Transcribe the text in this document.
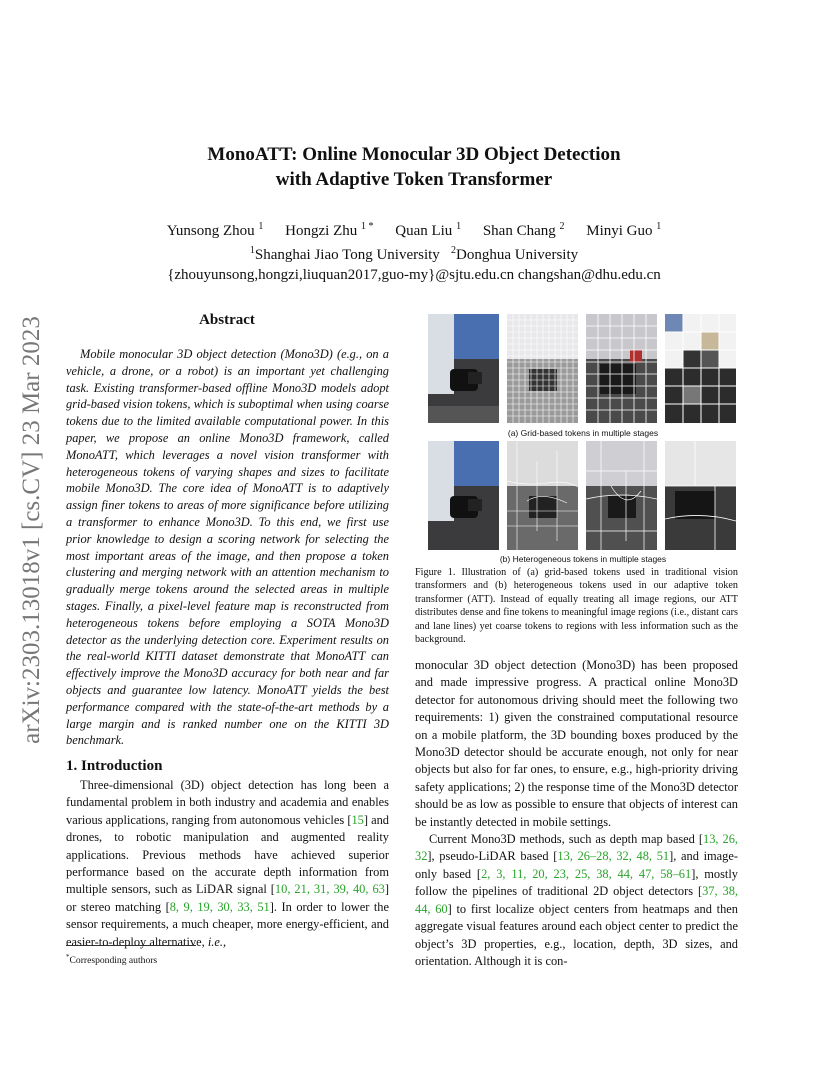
arXiv:2303.13018v1 [cs.CV] 23 Mar 2023
MonoATT: Online Monocular 3D Object Detection
with Adaptive Token Transformer
Yunsong Zhou $^1$ Hongzi Zhu $^{1 *}$ Quan Liu $^1$ Shan Chang $^2$ Minyi Guo $^1$
$^1$Shanghai Jiao Tong University $^2$Donghua University
{zhouyunsong,hongzi,liuquan2017,guo-my}@sjtu.edu.cn changshan@dhu.edu.cn
Abstract

Mobile monocular 3D object detection (Mono3D) (e.g., on a vehicle, a drone, or a robot) is an important yet challenging task. Existing transformer-based offline Mono3D models adopt grid-based vision tokens, which is suboptimal when using coarse tokens due to the limited available computational power. In this paper, we propose an online Mono3D framework, called MonoATT, which leverages a novel vision transformer with heterogeneous tokens of varying shapes and sizes to facilitate mobile Mono3D. The core idea of MonoATT is to adaptively assign finer tokens to areas of more significance before utilizing a transformer to enhance Mono3D. To this end, we first use prior knowledge to design a scoring network for selecting the most important areas of the image, and then propose a token clustering and merging network with an attention mechanism to gradually merge tokens around the selected areas in multiple stages. Finally, a pixel-level feature map is reconstructed from heterogeneous tokens before employing a SOTA Mono3D detector as the underlying detection core. Experiment results on the real-world KITTI dataset demonstrate that MonoATT can effectively improve the Mono3D accuracy for both near and far objects and guarantee low latency. MonoATT yields the best performance compared with the state-of-the-art methods by a large margin and is ranked number one on the KITTI 3D benchmark.

1. Introduction

Three-dimensional (3D) object detection has long been a fundamental problem in both industry and academia and enables various applications, ranging from autonomous vehicles [15] and drones, to robotic manipulation and augmented reality applications. Previous methods have achieved superior performance based on the accurate depth information from multiple sensors, such as LiDAR signal [10, 21, 31, 39, 40, 63] or stereo matching [8, 9, 19, 30, 33, 51]. In order to lower the sensor requirements, a much cheaper, more energy-efficient, and easier-to-deploy alternative, i.e.,

*Corresponding authors
(a) Grid-based tokens in multiple stages
(b) Heterogeneous tokens in multiple stages
Figure 1. Illustration of (a) grid-based tokens used in traditional vision transformers and (b) heterogeneous tokens used in our adaptive token transformer (ATT). Instead of equally treating all image regions, our ATT distributes dense and fine tokens to meaningful image regions (i.e., distant cars and lane lines) yet coarse tokens to regions with less information such as the background.

monocular 3D object detection (Mono3D) has been proposed and made impressive progress. A practical online Mono3D detector for autonomous driving should meet the following two requirements: 1) given the constrained computational resource on a mobile platform, the 3D bounding boxes produced by the Mono3D detector should be accurate enough, not only for near objects but also for far ones, to ensure, e.g., high-priority driving safety applications; 2) the response time of the Mono3D detector should be as low as possible to ensure that objects of interest can be instantly detected in mobile settings.

Current Mono3D methods, such as depth map based [13, 26, 32], pseudo-LiDAR based [13, 26–28, 32, 48, 51], and image-only based [2, 3, 11, 20, 23, 25, 38, 44, 47, 58–61], mostly follow the pipelines of traditional 2D object detectors [37, 38, 44, 60] to first localize object centers from heatmaps and then aggregate visual features around each object center to predict the object’s 3D properties, e.g., location, depth, 3D sizes, and orientation. Although it is con-
